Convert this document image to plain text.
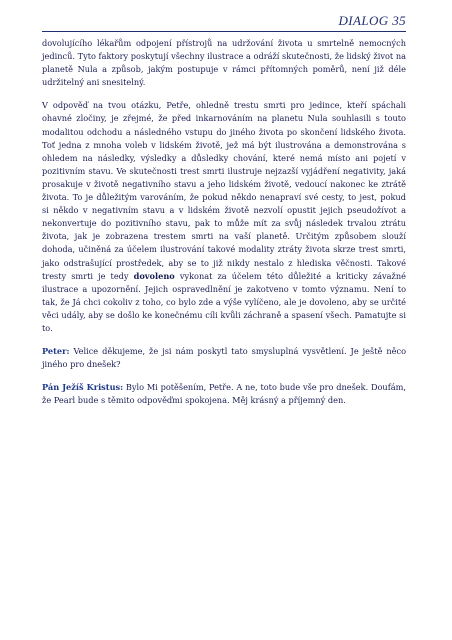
DIALOG 35

dovolujícího lékařům odpojení přístrojů na udržování života u smrtelně nemocných jedinců. Tyto faktory poskytují všechny ilustrace a odráží skutečnosti, že lidský život na planetě Nula a způsob, jakým postupuje v rámci přítomných poměrů, není již déle udržitelný ani snesitelný.

V odpověď na tvou otázku, Petře, ohledně trestu smrti pro jedince, kteří spáchali ohavné zločiny, je zřejmé, že před inkarnováním na planetu Nula souhlasili s touto modalitou odchodu a následného vstupu do jiného života po skončení lidského života. Toť jedna z mnoha voleb v lidském životě, jež má být ilustrována a demonstrována s ohledem na následky, výsledky a důsledky chování, které nemá místo ani pojetí v pozitivním stavu. Ve skutečnosti trest smrti ilustruje nejzazší vyjádření negativity, jaká prosakuje v životě negativního stavu a jeho lidském životě, vedoucí nakonec ke ztrátě života. To je důležitým varováním, že pokud někdo nenapraví své cesty, to jest, pokud si někdo v negativním stavu a v lidském životě nezvolí opustit jejich pseudožívot a nekonvertuje do pozitivního stavu, pak to může mít za svůj následek trvalou ztrátu života, jak je zobrazena trestem smrti na vaší planetě. Určitým způsobem slouží dohoda, učiněná za účelem ilustrování takové modality ztráty života skrze trest smrti, jako odstrašující prostředek, aby se to již nikdy nestalo z hlediska věčnosti. Takové tresty smrti je tedy dovoleno vykonat za účelem této důležité a kriticky závažné ilustrace a upozornění. Jejich ospravedlnění je zakotveno v tomto významu. Není to tak, že Já chci cokoliv z toho, co bylo zde a výše vylíčeno, ale je dovoleno, aby se určité věci udály, aby se došlo ke konečnému cíli kvůli záchraně a spasení všech. Pamatujte si to.

Peter: Velice děkujeme, že jsi nám poskytl tato smysluplná vysvětlení. Je ještě něco jiného pro dnešek?

Pán Ježíš Kristus: Bylo Mi potěšením, Petře. A ne, toto bude vše pro dnešek. Doufám, že Pearl bude s těmito odpověďmi spokojena. Měj krásný a příjemný den.
